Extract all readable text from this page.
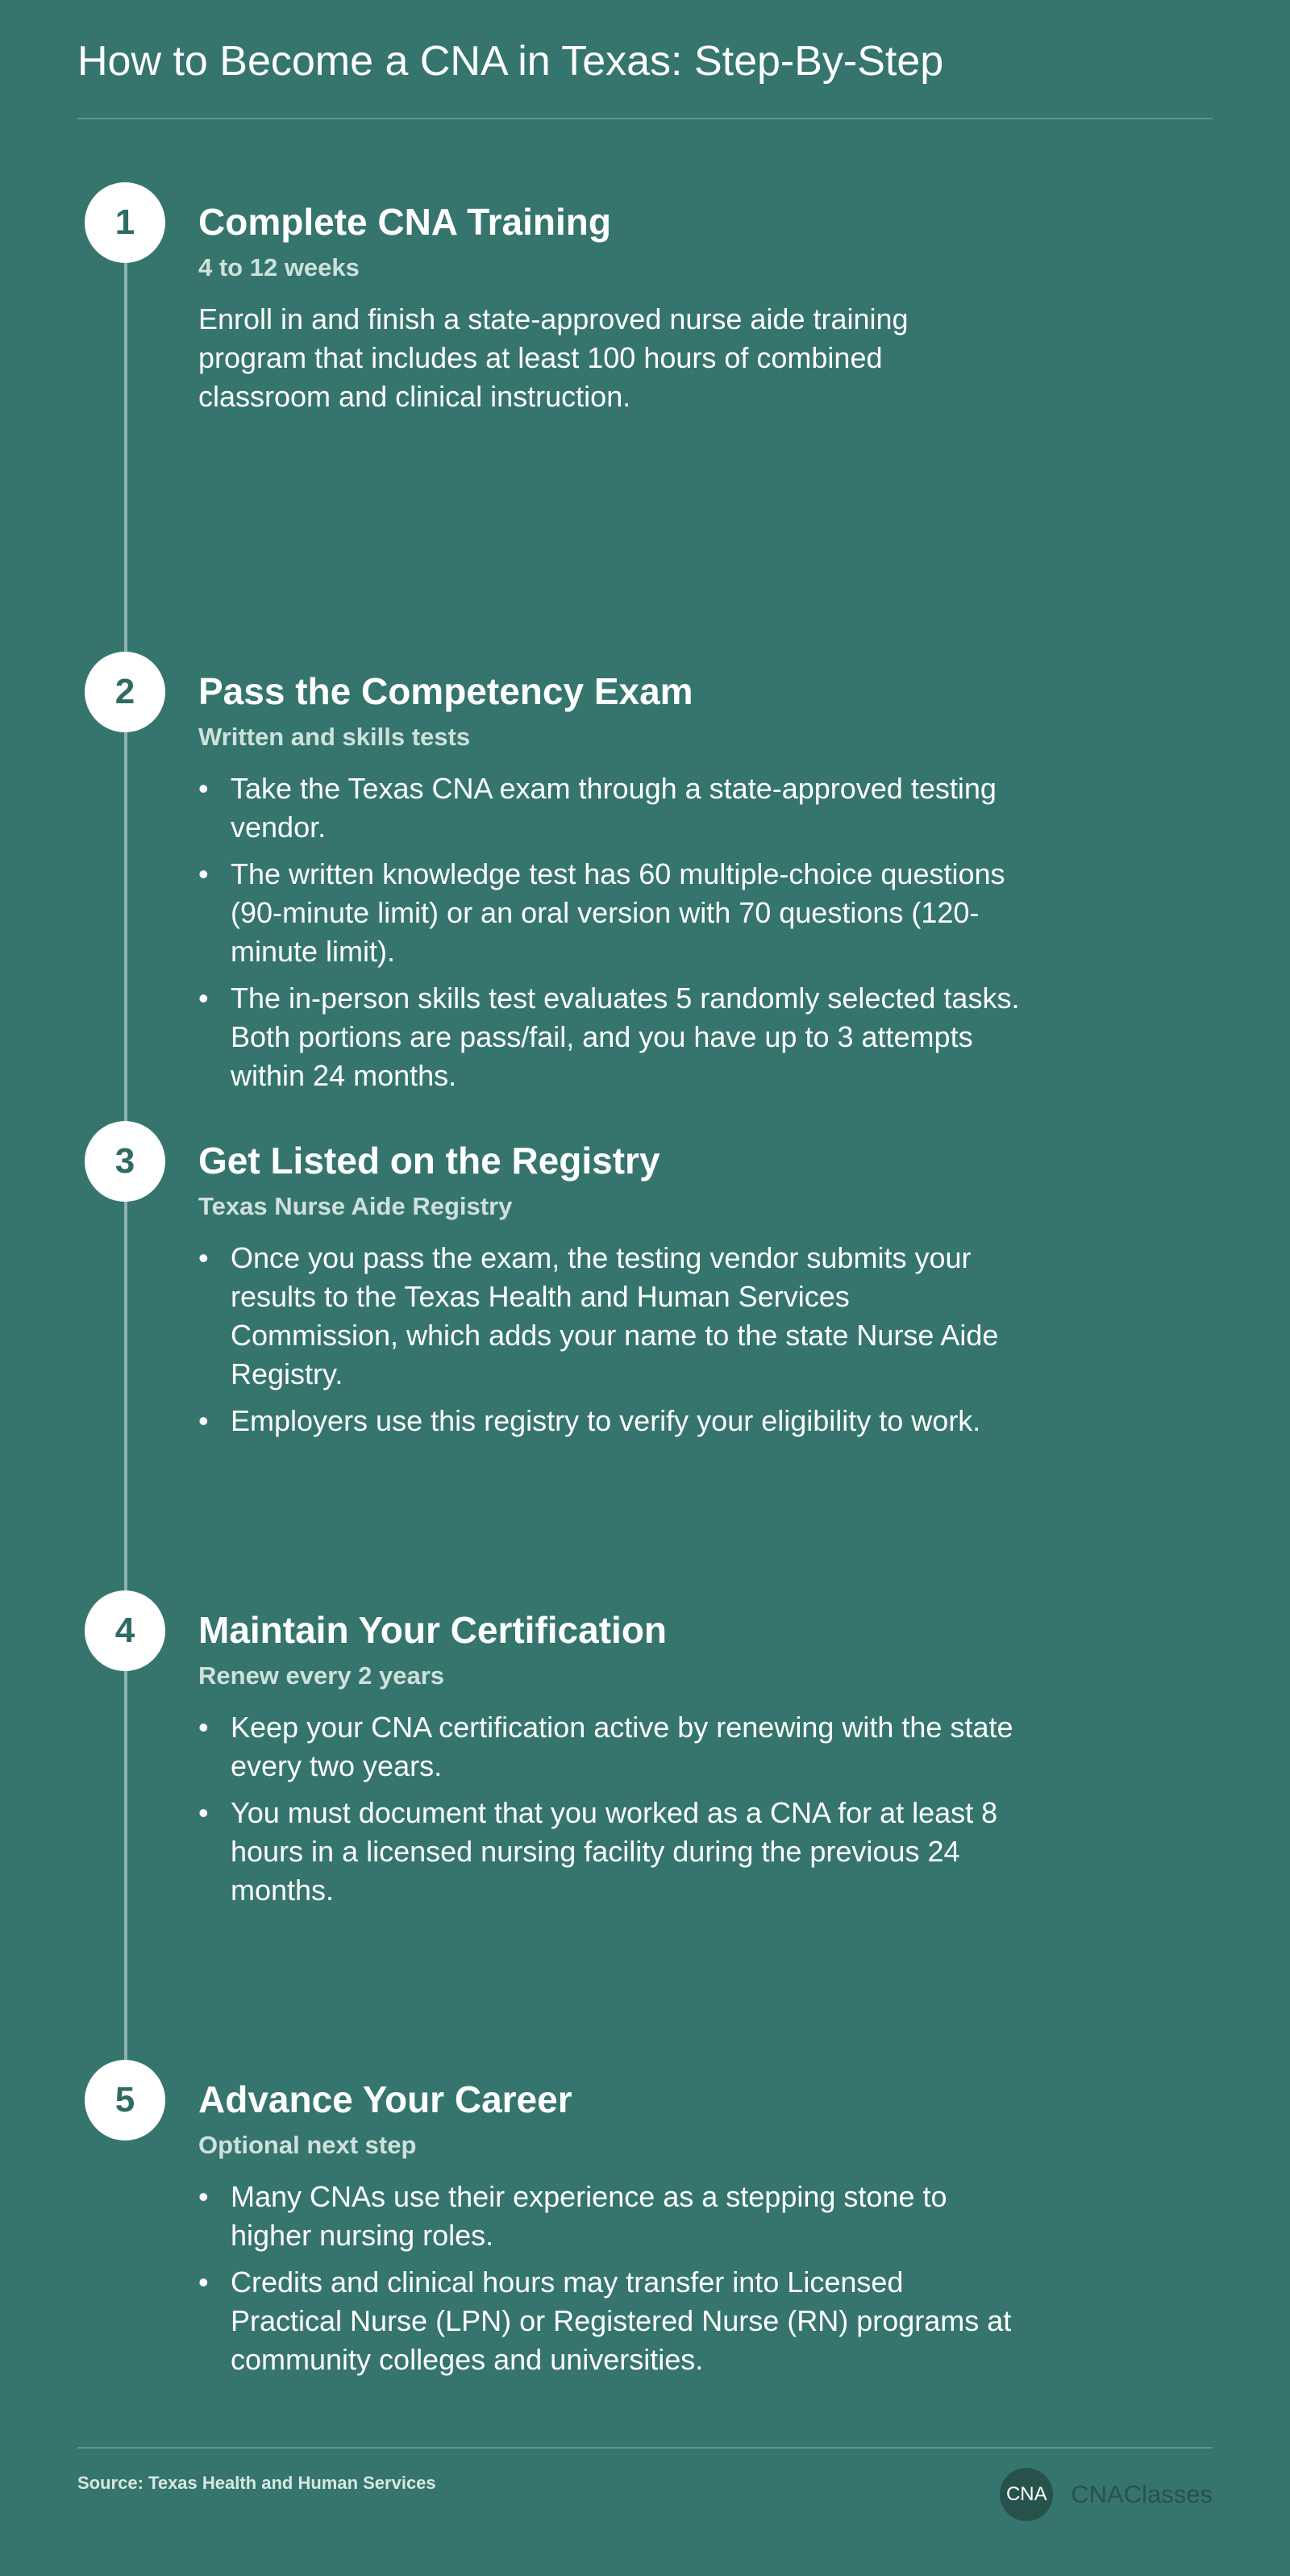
How to Become a CNA in Texas: Step-By-Step
1	Complete CNA Training
4 to 12 weeks

Enroll in and finish a state-approved nurse aide training program that includes at least 100 hours of combined classroom and clinical instruction.

2	Pass the Competency Exam
Written and skills tests
• Take the Texas CNA exam through a state-approved testing vendor.
• The written knowledge test has 60 multiple-choice questions (90-minute limit) or an oral version with 70 questions (120-minute limit).
• The in-person skills test evaluates 5 randomly selected tasks. Both portions are pass/fail, and you have up to 3 attempts within 24 months.
3	Get Listed on the Registry
Texas Nurse Aide Registry
• Once you pass the exam, the testing vendor submits your results to the Texas Health and Human Services Commission, which adds your name to the state Nurse Aide Registry.
• Employers use this registry to verify your eligibility to work.
4	Maintain Your Certification
Renew every 2 years
• Keep your CNA certification active by renewing with the state every two years.
• You must document that you worked as a CNA for at least 8 hours in a licensed nursing facility during the previous 24 months.
5	Advance Your Career
Optional next step
• Many CNAs use their experience as a stepping stone to higher nursing roles.
• Credits and clinical hours may transfer into Licensed Practical Nurse (LPN) or Registered Nurse (RN) programs at community colleges and universities.
Source: Texas Health and Human Services
CNA CNAClasses
